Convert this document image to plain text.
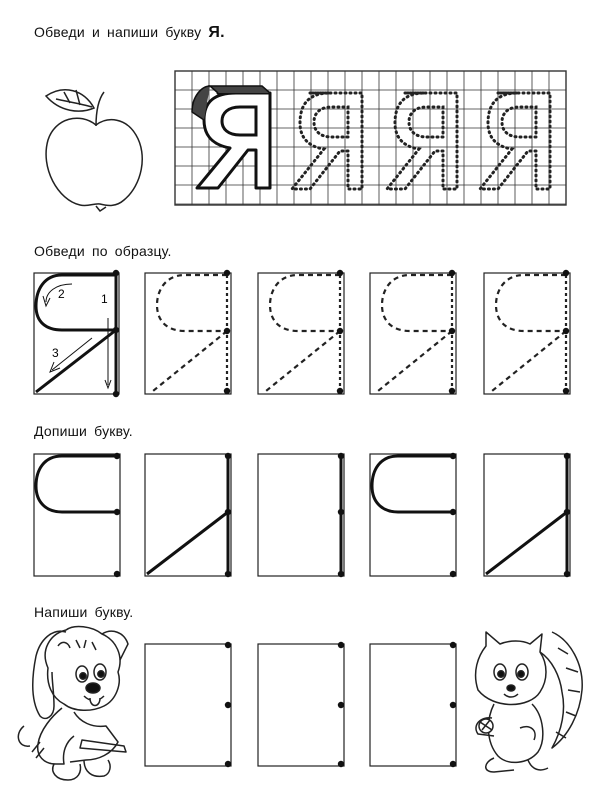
Обведи и напиши букву Я.
Обведи по образцу.
Допиши букву.
Напиши букву.
1
2
3
